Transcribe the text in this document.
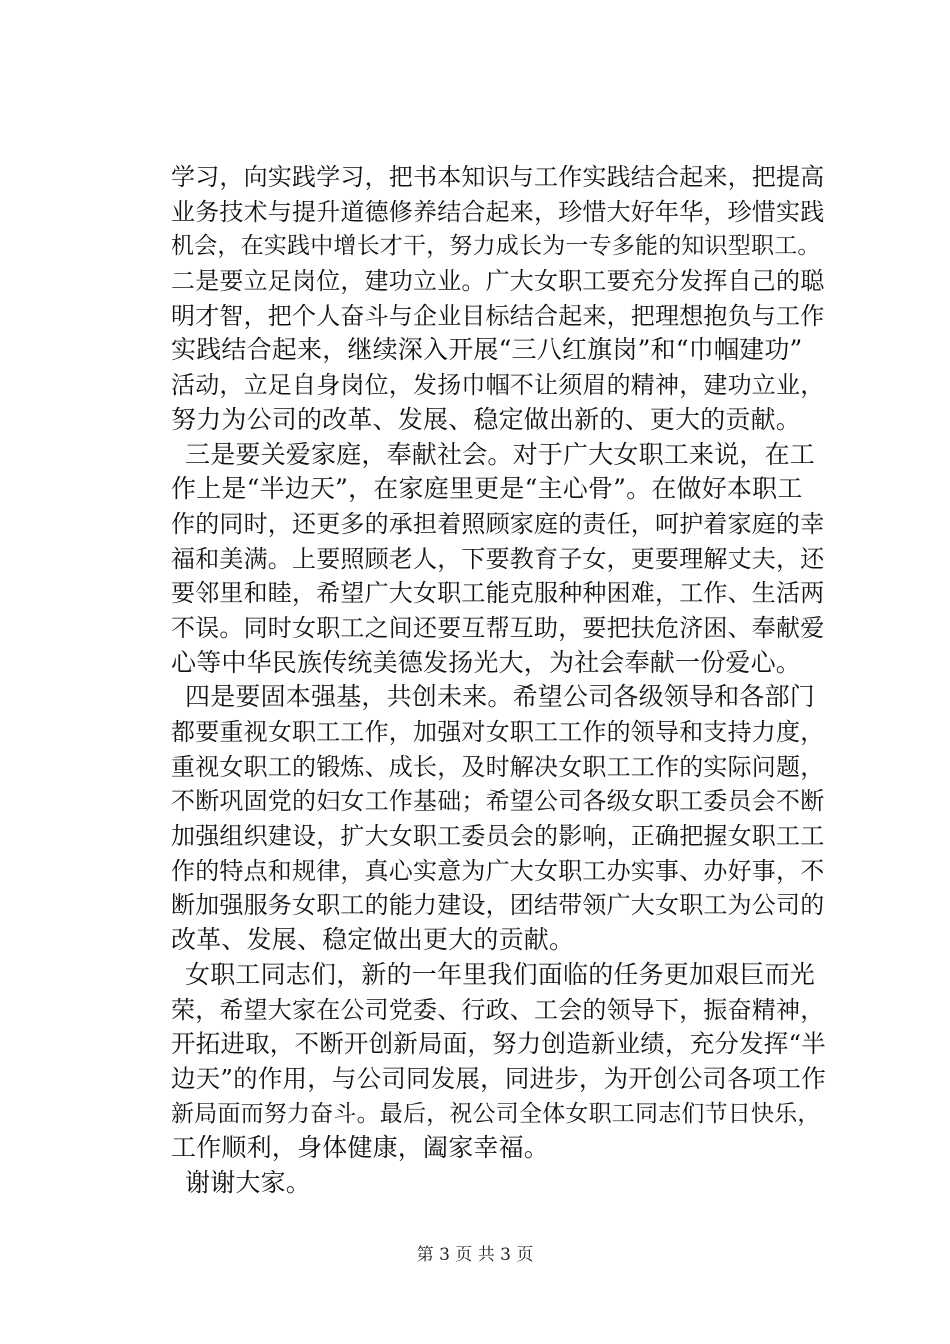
学习，向实践学习，把书本知识与工作实践结合起来，把提高
业务技术与提升道德修养结合起来，珍惜大好年华，珍惜实践
机会，在实践中增长才干，努力成长为一专多能的知识型职工。
二是要立足岗位，建功立业。广大女职工要充分发挥自己的聪
明才智，把个人奋斗与企业目标结合起来，把理想抱负与工作
实践结合起来，继续深入开展“三八红旗岗”和“巾帼建功”
活动，立足自身岗位，发扬巾帼不让须眉的精神，建功立业，
努力为公司的改革、发展、稳定做出新的、更大的贡献。
三是要关爱家庭，奉献社会。对于广大女职工来说，在工
作上是“半边天”，在家庭里更是“主心骨”。在做好本职工
作的同时，还更多的承担着照顾家庭的责任，呵护着家庭的幸
福和美满。上要照顾老人，下要教育子女，更要理解丈夫，还
要邻里和睦，希望广大女职工能克服种种困难，工作、生活两
不误。同时女职工之间还要互帮互助，要把扶危济困、奉献爱
心等中华民族传统美德发扬光大，为社会奉献一份爱心。
四是要固本强基，共创未来。希望公司各级领导和各部门
都要重视女职工工作，加强对女职工工作的领导和支持力度，
重视女职工的锻炼、成长，及时解决女职工工作的实际问题，
不断巩固党的妇女工作基础；希望公司各级女职工委员会不断
加强组织建设，扩大女职工委员会的影响，正确把握女职工工
作的特点和规律，真心实意为广大女职工办实事、办好事，不
断加强服务女职工的能力建设，团结带领广大女职工为公司的
改革、发展、稳定做出更大的贡献。
女职工同志们，新的一年里我们面临的任务更加艰巨而光
荣，希望大家在公司党委、行政、工会的领导下，振奋精神，
开拓进取，不断开创新局面，努力创造新业绩，充分发挥“半
边天”的作用，与公司同发展，同进步，为开创公司各项工作
新局面而努力奋斗。最后，祝公司全体女职工同志们节日快乐，
工作顺利，身体健康，阖家幸福。
谢谢大家。
第 3 页 共 3 页
